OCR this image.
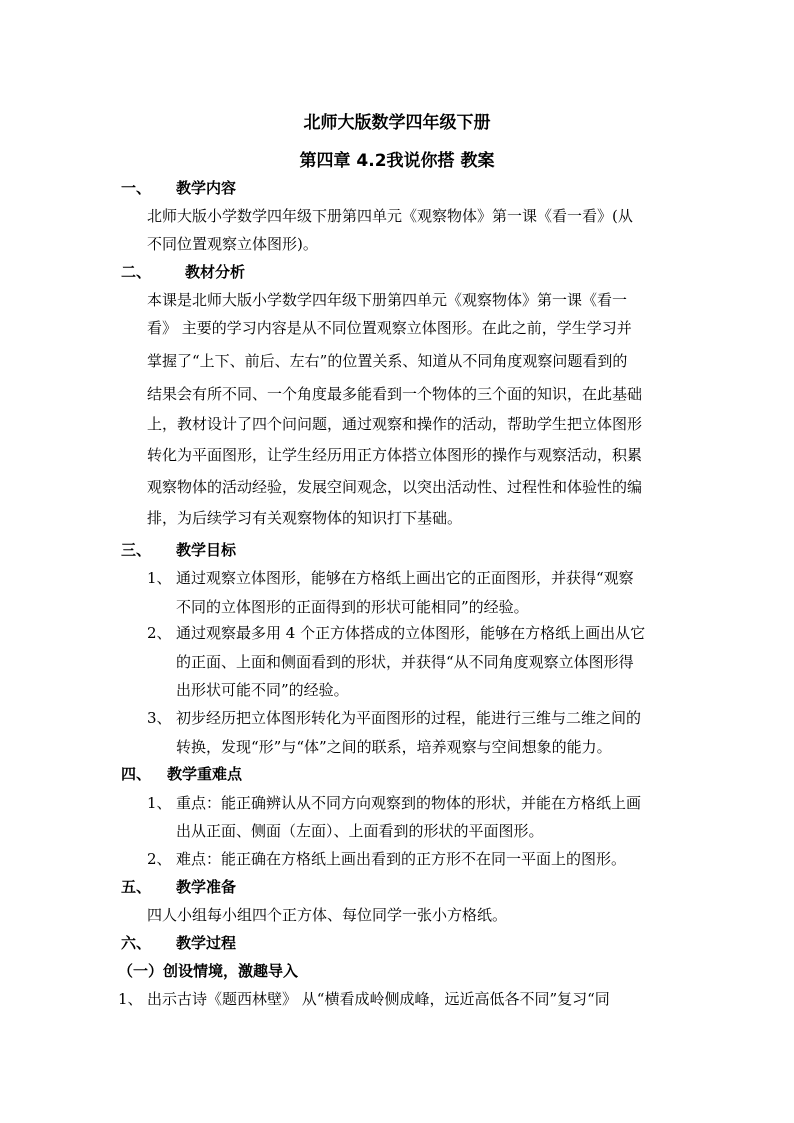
北师大版数学四年级下册
第四章 4.2我说你搭 教案
一、 教学内容
北师大版小学数学四年级下册第四单元《观察物体》第一课《看一看》(从
不同位置观察立体图形)。
二、 教材分析
本课是北师大版小学数学四年级下册第四单元《观察物体》第一课《看一
看》 主要的学习内容是从不同位置观察立体图形。在此之前，学生学习并
掌握了“上下、前后、左右”的位置关系、知道从不同角度观察问题看到的
结果会有所不同、一个角度最多能看到一个物体的三个面的知识，在此基础
上，教材设计了四个问问题，通过观察和操作的活动，帮助学生把立体图形
转化为平面图形，让学生经历用正方体搭立体图形的操作与观察活动，积累
观察物体的活动经验，发展空间观念，以突出活动性、过程性和体验性的编
排，为后续学习有关观察物体的知识打下基础。
三、 教学目标
1、 通过观察立体图形，能够在方格纸上画出它的正面图形，并获得“观察
不同的立体图形的正面得到的形状可能相同”的经验。
2、 通过观察最多用 4 个正方体搭成的立体图形，能够在方格纸上画出从它
的正面、上面和侧面看到的形状，并获得“从不同角度观察立体图形得
出形状可能不同”的经验。
3、 初步经历把立体图形转化为平面图形的过程，能进行三维与二维之间的
转换，发现“形”与“体”之间的联系，培养观察与空间想象的能力。
四、 教学重难点
1、 重点：能正确辨认从不同方向观察到的物体的形状，并能在方格纸上画
出从正面、侧面（左面）、上面看到的形状的平面图形。
2、 难点：能正确在方格纸上画出看到的正方形不在同一平面上的图形。
五、 教学准备
四人小组每小组四个正方体、每位同学一张小方格纸。
六、 教学过程
（一）创设情境，激趣导入
1、 出示古诗《题西林壁》 从“横看成岭侧成峰，远近高低各不同”复习“同
